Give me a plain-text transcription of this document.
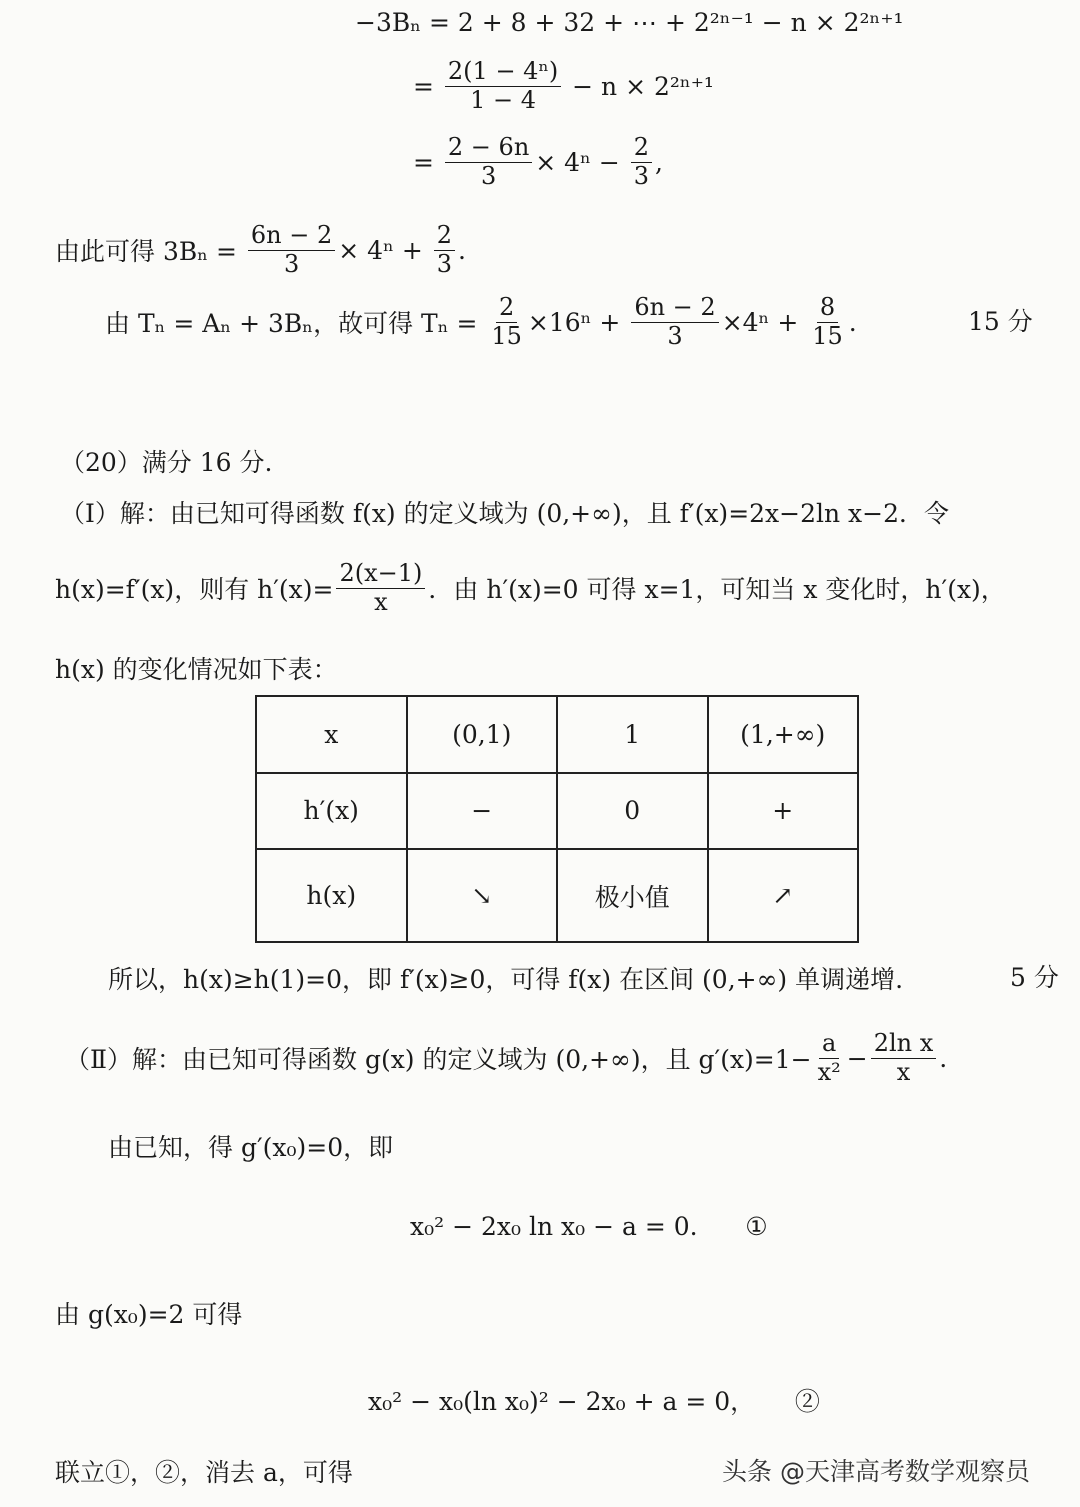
−3Bₙ = 2 + 8 + 32 + ⋯ + 2²ⁿ⁻¹ − n × 2²ⁿ⁺¹
= $\frac{\text{2(1 − 4ⁿ)}}{1 - 4} - n \times 2^{2n+1}$
= $\frac{2 - 6n}{3} \times 4^n - \frac{2}{3}$ ,
由此可得 $3B_n = \frac{6n - 2}{3} \times 4^n + \frac{2}{3}$ .
由 Tₙ = Aₙ + 3Bₙ，故可得 $T_n = \frac{2}{15} \times 16^n + \frac{6n - 2}{3} \times 4^n + \frac{8}{15}$ .	15 分
（20）满分 16 分.
（Ⅰ）解：由已知可得函数 f(x) 的定义域为 (0,+∞)，且 f′(x)=2x−2ln x−2．令
h(x)=f′(x)，则有 $h'(x)= \frac{2(x-1)}{x}$ ．由 h′(x)=0 可得 x=1，可知当 x 变化时，h′(x)，
h(x) 的变化情况如下表：
x	(0,1)	1	(1,+∞)
h′(x)	−	0	+
h(x)	↘	极小值	↗
所以，h(x)≥h(1)=0，即 f′(x)≥0，可得 f(x) 在区间 (0,+∞) 单调递增.	5 分
（Ⅱ）解：由已知可得函数 g(x) 的定义域为 (0,+∞)，且 $g'(x)=1- \frac{a}{\text{x²}} - \frac{\text{2ln x}}{x}$ .
由已知，得 g′(x₀)=0，即
x₀² − 2x₀ ln x₀ − a = 0.      ①
由 g(x₀)=2 可得
x₀² − x₀(ln x₀)² − 2x₀ + a = 0，     ②
联立①，②，消去 a，可得	头条 @天津高考数学观察员
